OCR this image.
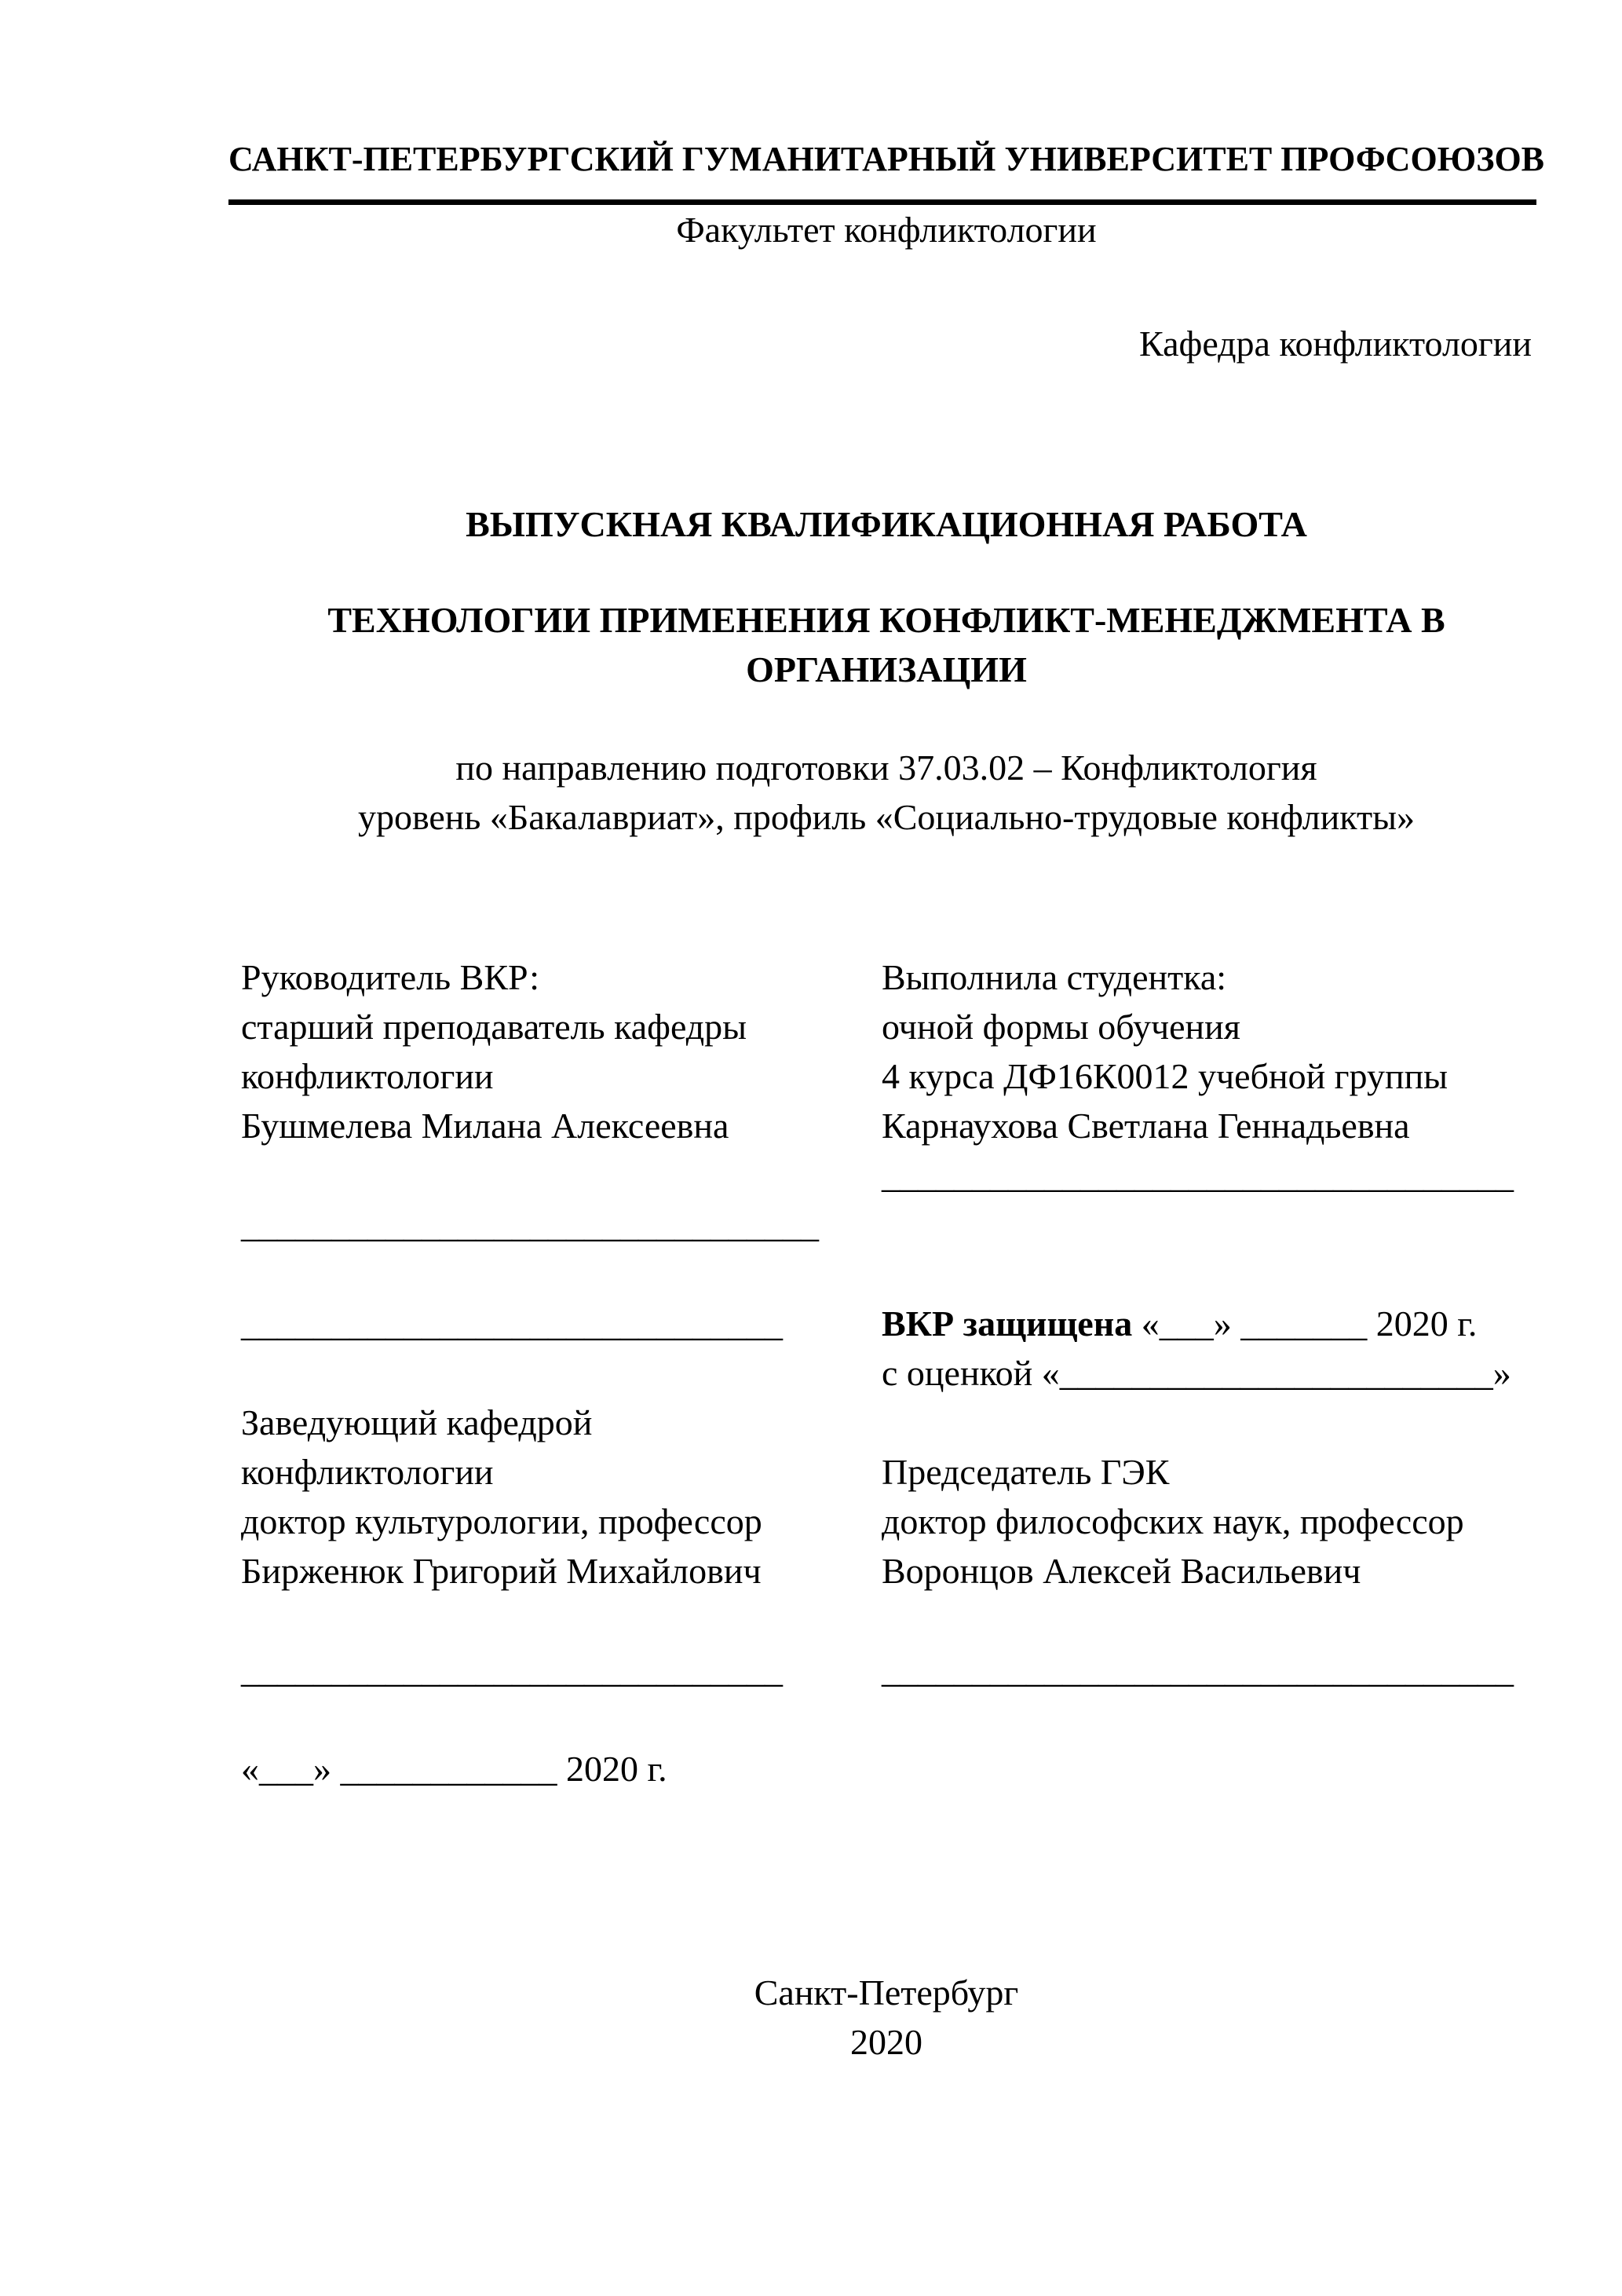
САНКТ-ПЕТЕРБУРГСКИЙ ГУМАНИТАРНЫЙ УНИВЕРСИТЕТ ПРОФСОЮЗОВ
Факультет конфликтологии
Кафедра конфликтологии
ВЫПУСКНАЯ КВАЛИФИКАЦИОННАЯ РАБОТА
ТЕХНОЛОГИИ ПРИМЕНЕНИЯ КОНФЛИКТ-МЕНЕДЖМЕНТА В
ОРГАНИЗАЦИИ
по направлению подготовки 37.03.02 – Конфликтология
уровень «Бакалавриат», профиль «Социально-трудовые конфликты»
Руководитель ВКР:	Выполнила студентка:
старший преподаватель кафедры	очной формы обучения
конфликтологии	4 курса ДФ16К0012 учебной группы
Бушмелева Милана Алексеевна	Карнаухова Светлана Геннадьевна
___________________________________
________________________________
______________________________	ВКР защищена «___» _______ 2020 г.
с оценкой «________________________»
Заведующий кафедрой
конфликтологии	Председатель ГЭК
доктор культурологии, профессор	доктор философских наук, профессор
Бирженюк Григорий Михайлович	Воронцов Алексей Васильевич
______________________________	___________________________________
«___» ____________ 2020 г.
Санкт-Петербург
2020
